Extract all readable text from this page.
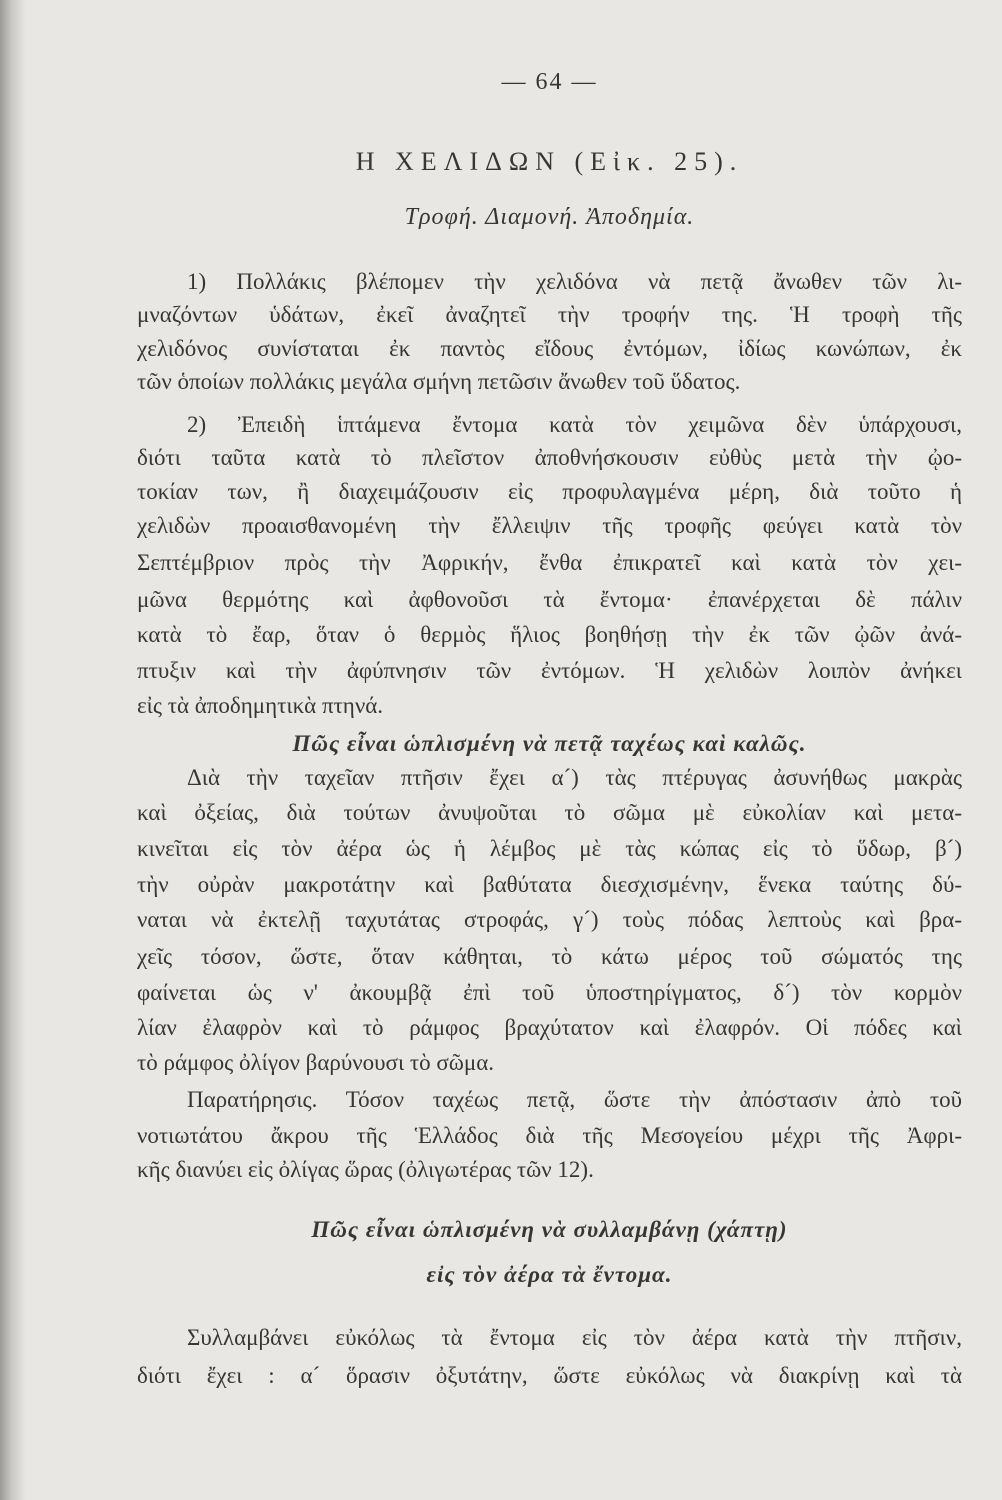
— 64 —
Η ΧΕΛΙΔΩΝ (Εἰκ. 25).
Τροφή. Διαμονή. Ἀποδημία.
1) Πολλάκις βλέπομεν τὴν χελιδόνα νὰ πετᾷ ἄνωθεν τῶν λι-
μναζόντων ὑδάτων, ἐκεῖ ἀναζητεῖ τὴν τροφήν της. Ἡ τροφὴ τῆς
χελιδόνος συνίσταται ἐκ παντὸς εἴδους ἐντόμων, ἰδίως κωνώπων, ἐκ
τῶν ὁποίων πολλάκις μεγάλα σμήνη πετῶσιν ἄνωθεν τοῦ ὕδατος.
2) Ἐπειδὴ ἱπτάμενα ἔντομα κατὰ τὸν χειμῶνα δὲν ὑπάρχουσι,
διότι ταῦτα κατὰ τὸ πλεῖστον ἀποθνήσκουσιν εὐθὺς μετὰ τὴν ᾠο-
τοκίαν των, ἢ διαχειμάζουσιν εἰς προφυλαγμένα μέρη, διὰ τοῦτο ἡ
χελιδὼν προαισθανομένη τὴν ἔλλειψιν τῆς τροφῆς φεύγει κατὰ τὸν
Σεπτέμβριον πρὸς τὴν Ἀφρικήν, ἔνθα ἐπικρατεῖ καὶ κατὰ τὸν χει-
μῶνα θερμότης καὶ ἀφθονοῦσι τὰ ἔντομα· ἐπανέρχεται δὲ πάλιν
κατὰ τὸ ἔαρ, ὅταν ὁ θερμὸς ἥλιος βοηθήσῃ τὴν ἐκ τῶν ᾠῶν ἀνά-
πτυξιν καὶ τὴν ἀφύπνησιν τῶν ἐντόμων. Ἡ χελιδὼν λοιπὸν ἀνήκει
εἰς τὰ ἀποδημητικὰ πτηνά.
Πῶς εἶναι ὡπλισμένη νὰ πετᾷ ταχέως καὶ καλῶς.
Διὰ τὴν ταχεῖαν πτῆσιν ἔχει α´) τὰς πτέρυγας ἀσυνήθως μακρὰς
καὶ ὀξείας, διὰ τούτων ἀνυψοῦται τὸ σῶμα μὲ εὐκολίαν καὶ μετα-
κινεῖται εἰς τὸν ἀέρα ὡς ἡ λέμβος μὲ τὰς κώπας εἰς τὸ ὕδωρ, β´)
τὴν οὐρὰν μακροτάτην καὶ βαθύτατα διεσχισμένην, ἕνεκα ταύτης δύ-
ναται νὰ ἐκτελῇ ταχυτάτας στροφάς, γ´) τοὺς πόδας λεπτοὺς καὶ βρα-
χεῖς τόσον, ὥστε, ὅταν κάθηται, τὸ κάτω μέρος τοῦ σώματός της
φαίνεται ὡς ν' ἀκουμβᾷ ἐπὶ τοῦ ὑποστηρίγματος, δ´) τὸν κορμὸν
λίαν ἐλαφρὸν καὶ τὸ ράμφος βραχύτατον καὶ ἐλαφρόν. Οἱ πόδες καὶ
τὸ ράμφος ὀλίγον βαρύνουσι τὸ σῶμα.
Παρατήρησις. Τόσον ταχέως πετᾷ, ὥστε τὴν ἀπόστασιν ἀπὸ τοῦ
νοτιωτάτου ἄκρου τῆς Ἑλλάδος διὰ τῆς Μεσογείου μέχρι τῆς Ἀφρι-
κῆς διανύει εἰς ὀλίγας ὥρας (ὀλιγωτέρας τῶν 12).
Πῶς εἶναι ὡπλισμένη νὰ συλλαμβάνῃ (χάπτῃ)
εἰς τὸν ἀέρα τὰ ἔντομα.
Συλλαμβάνει εὐκόλως τὰ ἔντομα εἰς τὸν ἀέρα κατὰ τὴν πτῆσιν,
διότι ἔχει : α´ ὅρασιν ὀξυτάτην, ὥστε εὐκόλως νὰ διακρίνῃ καὶ τὰ
